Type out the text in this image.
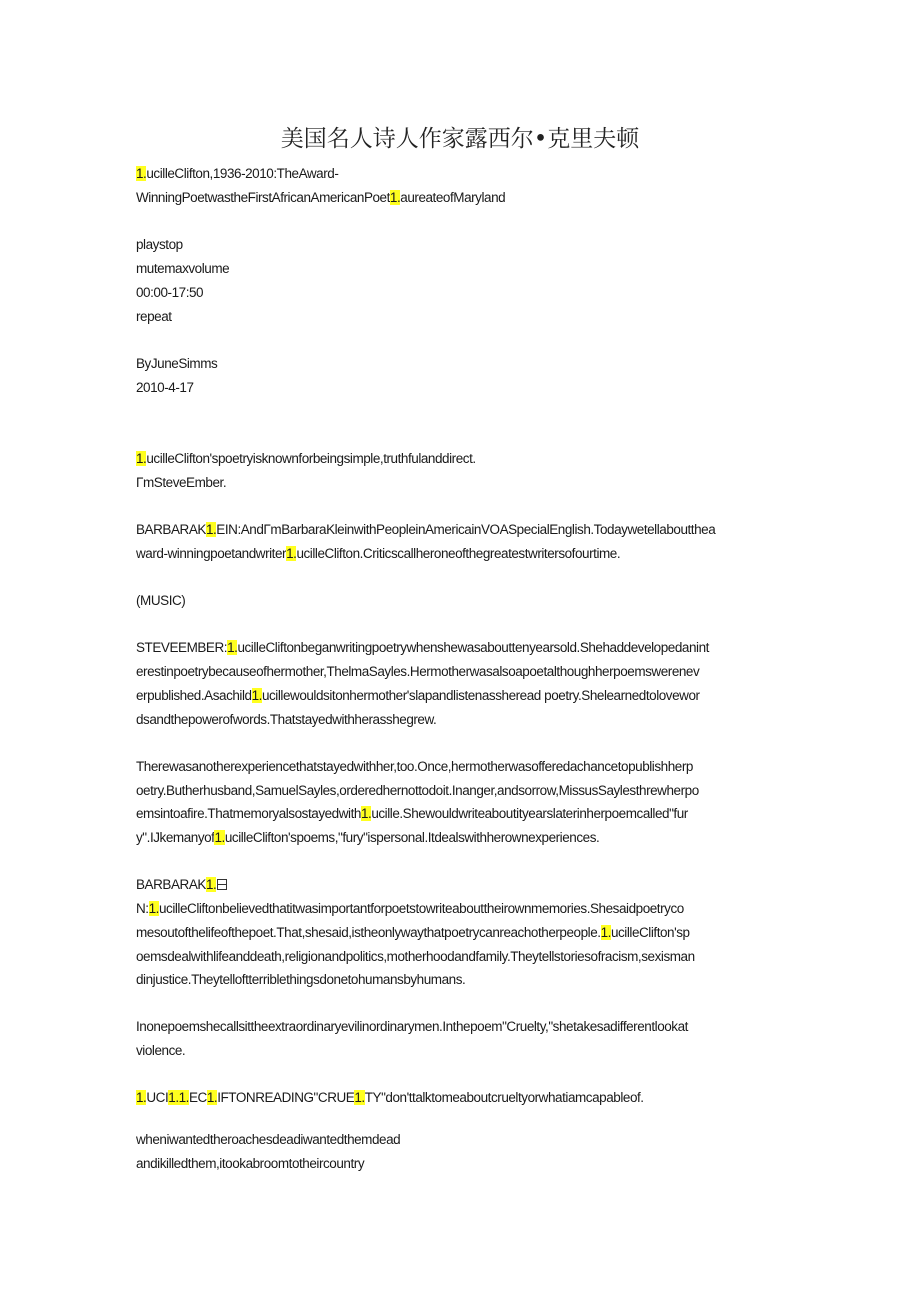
美国名人诗人作家露西尔•克里夫顿
1.ucilleClifton,1936-2010:TheAward-
WinningPoetwastheFirstAfricanAmericanPoet1.aureateofMaryland
playstop
mutemaxvolume
00:00-17:50
repeat
ByJuneSimms
2010-4-17
1.ucilleClifton'spoetryisknownforbeingsimple,truthfulanddirect.
ΓmSteveEmber.
BARBARAK1.EIN:AndΓmBarbaraKleinwithPeopleinAmericainVOASpecialEnglish.Todaywetellaboutthea
ward-winningpoetandwriter1.ucilleClifton.Criticscallheroneofthegreatestwritersofourtime.
(MUSIC)
STEVEEMBER:1.ucilleCliftonbeganwritingpoetrywhenshewasabouttenyearsold.Shehaddevelopedanint
erestinpoetrybecauseofhermother,ThelmaSayles.Hermotherwasalsoapoetalthoughherpoemswerenev
erpublished.Asachild1.ucillewouldsitonhermother'slapandlistenassheread poetry.Shelearnedtolovewor
dsandthepowerofwords.Thatstayedwithherasshegrew.
Therewasanotherexperiencethatstayedwithher,too.Once,hermotherwasofferedachancetopublishherp
oetry.Butherhusband,SamuelSayles,orderedhernottodoit.Inanger,andsorrow,MissusSaylesthrewherpo
emsintoafire.Thatmemoryalsostayedwith1.ucille.Shewouldwriteaboutityearslaterinherpoemcalled"fur
y".IJkemanyof1.ucilleClifton'spoems,"fury"ispersonal.Itdealswithherownexperiences.
BARBARAK1.
N:1.ucilleCliftonbelievedthatitwasimportantforpoetstowriteabouttheirownmemories.Shesaidpoetryco
mesoutofthelifeofthepoet.That,shesaid,istheonlywaythatpoetrycanreachotherpeople.1.ucilleClifton'sp
oemsdealwithlifeanddeath,religionandpolitics,motherhoodandfamily.Theytellstoriesofracism,sexisman
dinjustice.Theytelloftterriblethingsdonetohumansbyhumans.
Inonepoemshecallsittheextraordinaryevilinordinarymen.Inthepoem"Cruelty,"shetakesadifferentlookat
violence.
1.UCI1.1.EC1.IFTONREADING"CRUE1.TY"don'ttalktomeaboutcrueltyorwhatiamcapableof.
wheniwantedtheroachesdeadiwantedthemdead
andikilledthem,itookabroomtotheircountry
